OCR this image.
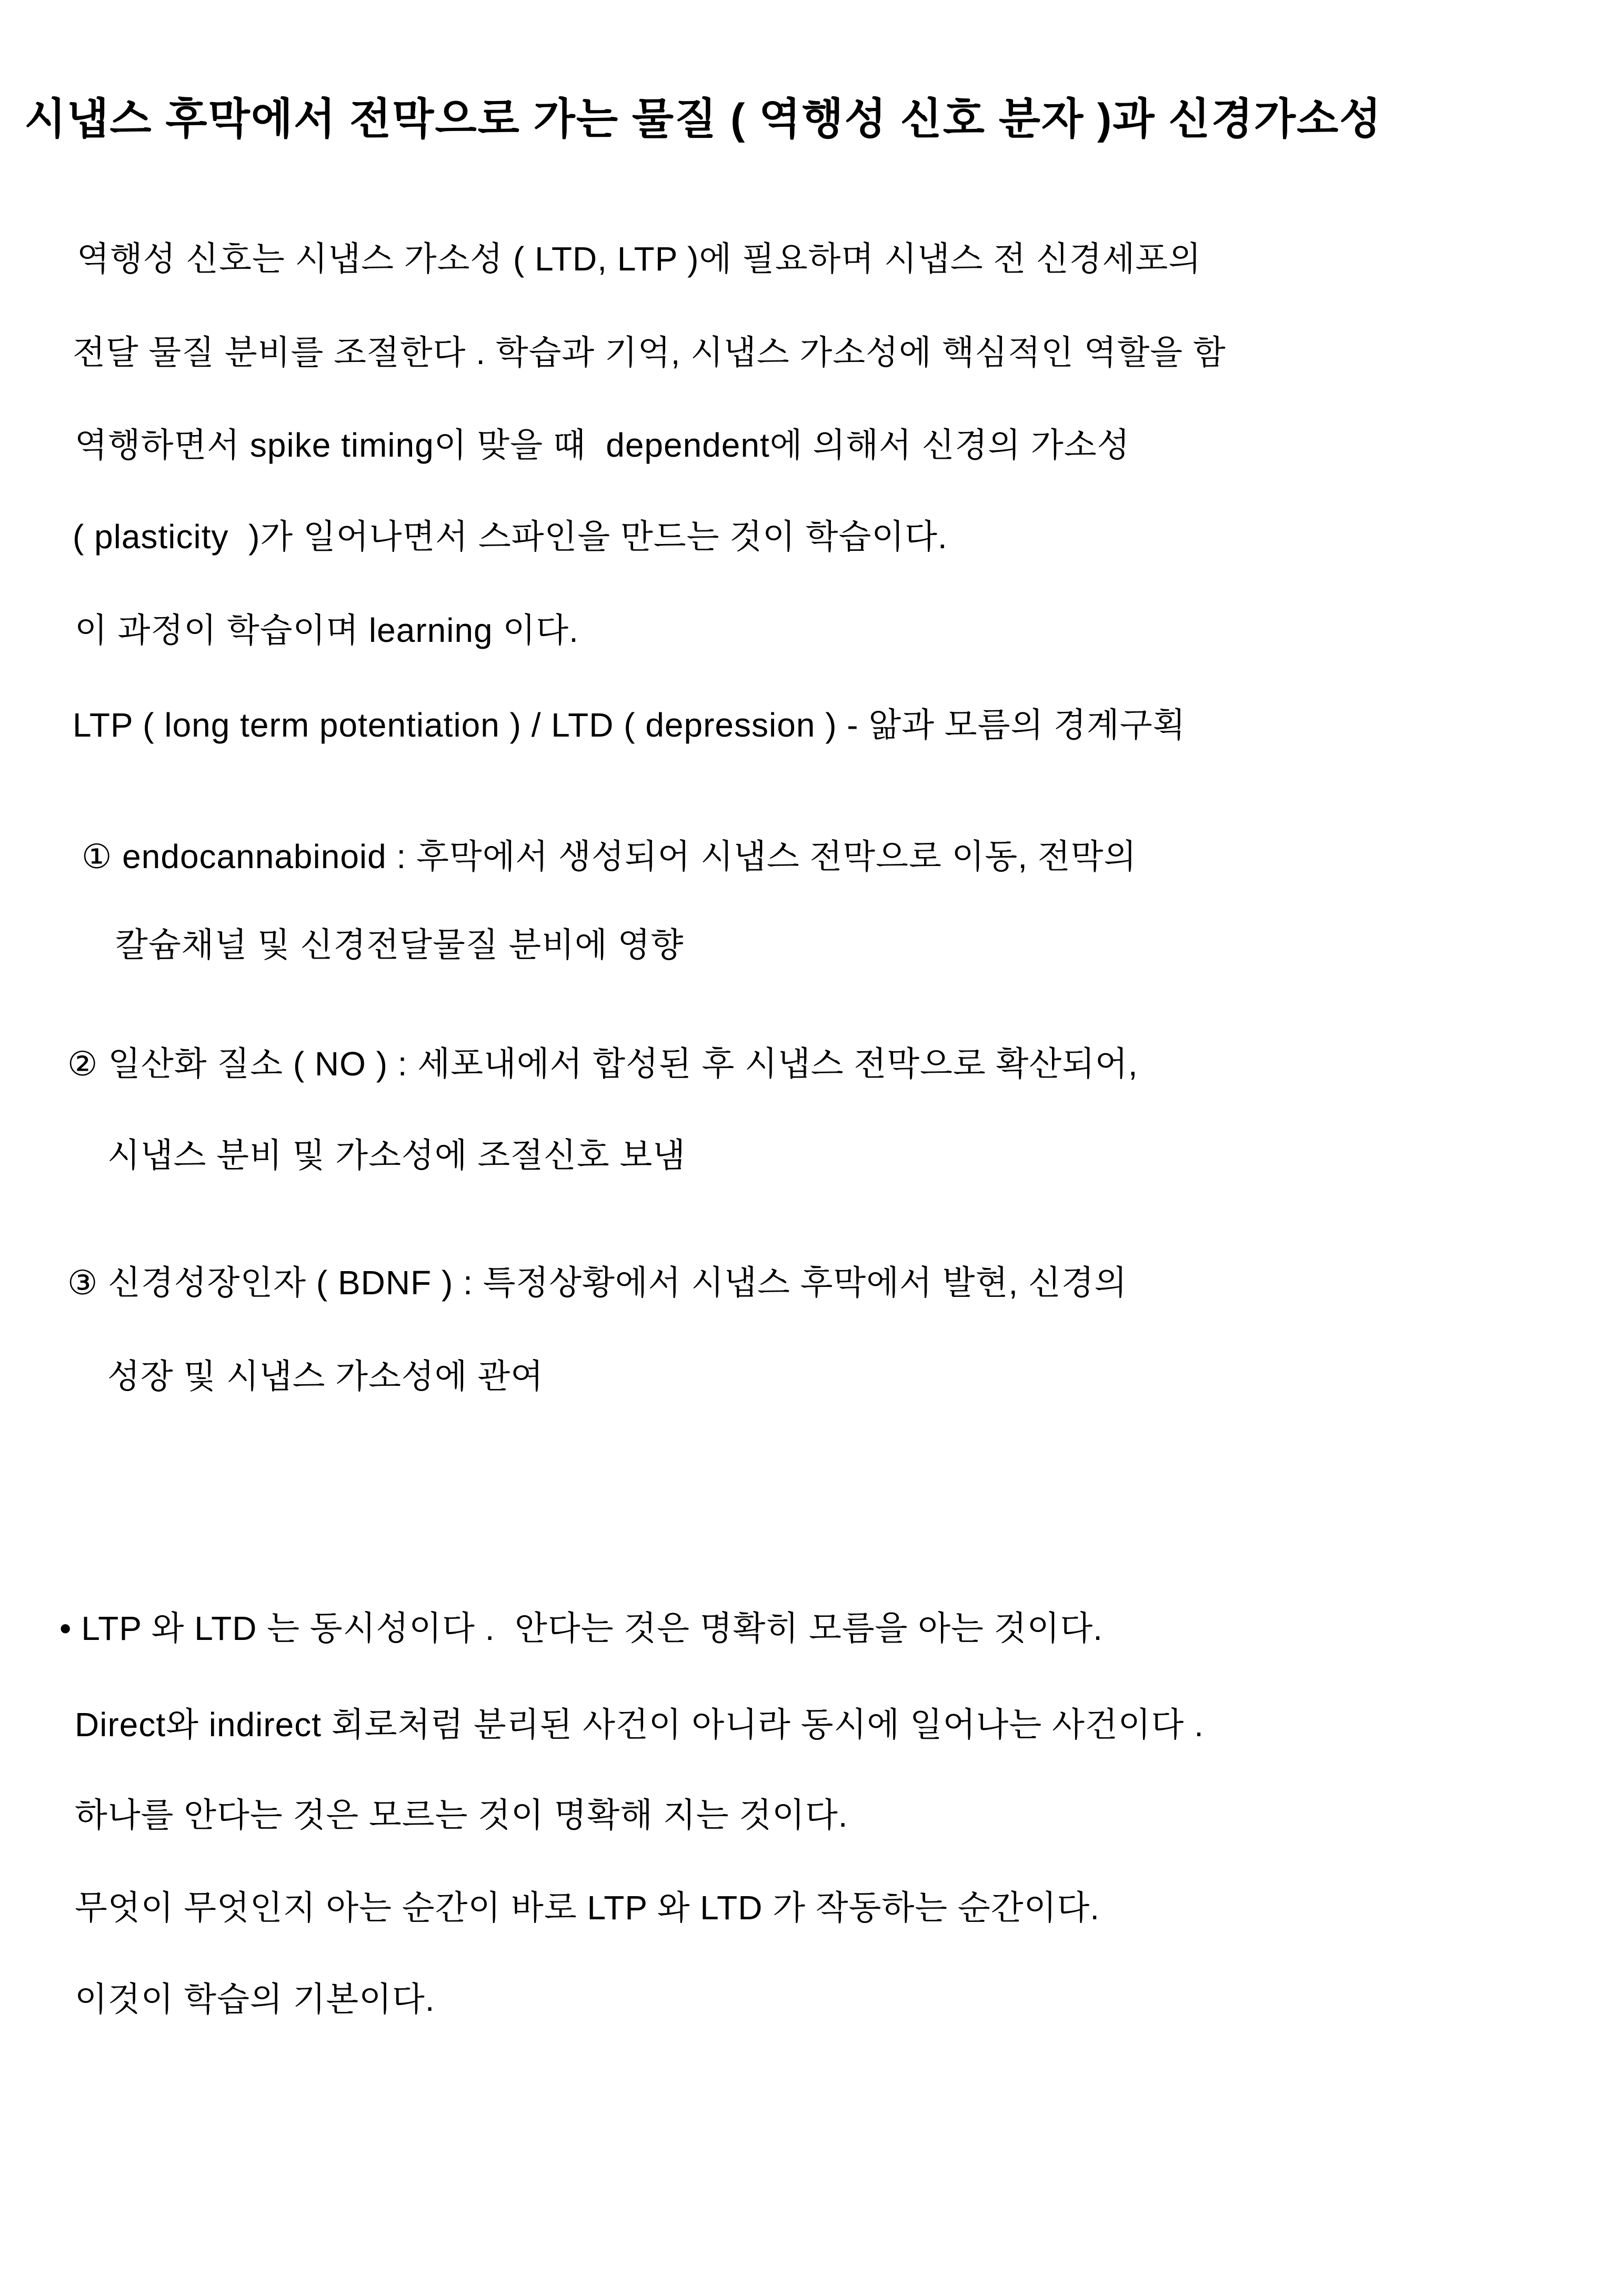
시냅스 후막에서 전막으로 가는 물질 ( 역행성 신호 분자 )과 신경가소성
역행성 신호는 시냅스 가소성 ( LTD, LTP )에 필요하며 시냅스 전 신경세포의
전달 물질 분비를 조절한다 . 학습과 기억, 시냅스 가소성에 핵심적인 역할을 함
역행하면서 spike timing이 맞을 떄  dependent에 의해서 신경의 가소성
( plasticity  )가 일어나면서 스파인을 만드는 것이 학습이다.
이 과정이 학습이며 learning 이다.
LTP ( long term potentiation ) / LTD ( depression ) - 앎과 모름의 경계구획
① endocannabinoid : 후막에서 생성되어 시냅스 전막으로 이동, 전막의
칼슘채널 및 신경전달물질 분비에 영향
② 일산화 질소 ( NO ) : 세포내에서 합성된 후 시냅스 전막으로 확산되어,
시냅스 분비 및 가소성에 조절신호 보냄
③ 신경성장인자 ( BDNF ) : 특정상황에서 시냅스 후막에서 발현, 신경의
성장 및 시냅스 가소성에 관여
• LTP 와 LTD 는 동시성이다 .  안다는 것은 명확히 모름을 아는 것이다.
Direct와 indirect 회로처럼 분리된 사건이 아니라 동시에 일어나는 사건이다 .
하나를 안다는 것은 모르는 것이 명확해 지는 것이다.
무엇이 무엇인지 아는 순간이 바로 LTP 와 LTD 가 작동하는 순간이다.
이것이 학습의 기본이다.
